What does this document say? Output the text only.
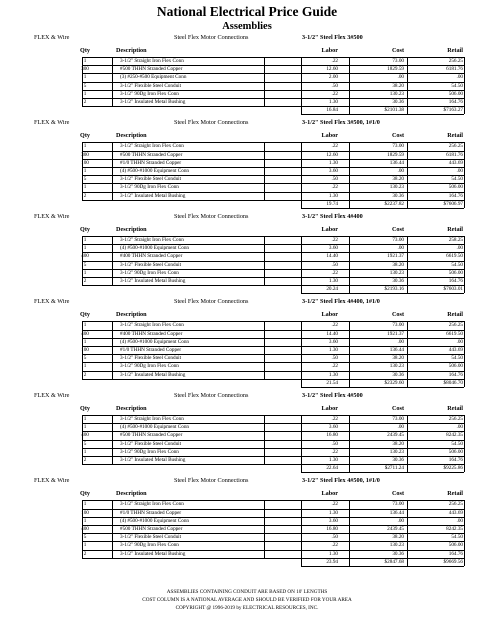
National Electrical Price Guide
Assemblies
FLEX & Wire	Steel Flex Motor Connections	3-1/2" Steel Flex 3#500
Qty	Description	Labor	Cost	Retail
1	3-1/2" Straight Iron Flex Conn	.22	73.00	256.25
300	#500 THHN Stranded Copper	12.60	1829.59	6181.76
1	(3) #250-#500 Equipment Conn	2.00	.00	.00
5	3-1/2" Flexible Steel Conduit	.50	38.20	54.50
1	3-1/2" 90Dg Iron Flex Conn	.22	130.23	506.00
2	3-1/2" Insulated Metal Bushing	1.30	30.36	164.76
16.84	$2101.38	$7163.27
FLEX & Wire	Steel Flex Motor Connections	3-1/2" Steel Flex 3#500, 1#1/0
Qty	Description	Labor	Cost	Retail
1	3-1/2" Straight Iron Flex Conn	.22	73.00	256.25
300	#500 THHN Stranded Copper	12.60	1829.59	6181.76
100	#1/0 THHN Stranded Copper	1.30	136.44	443.69
1	(4) #500-#1000 Equipment Conn	3.60	.00	.00
5	3-1/2" Flexible Steel Conduit	.50	38.20	54.50
1	3-1/2" 90Dg Iron Flex Conn	.22	130.23	506.00
2	3-1/2" Insulated Metal Bushing	1.30	30.36	164.76
19.74	$2237.82	$7606.97
FLEX & Wire	Steel Flex Motor Connections	3-1/2" Steel Flex 4#400
Qty	Description	Labor	Cost	Retail
1	3-1/2" Straight Iron Flex Conn	.22	73.00	258.25
1	(4) #500-#1000 Equipment Conn	3.60	.00	.00
400	#400 THHN Stranded Copper	14.40	1921.37	6619.50
5	3-1/2" Flexible Steel Conduit	.50	38.20	54.50
1	3-1/2" 90Dg Iron Flex Conn	.22	130.23	506.00
2	3-1/2" Insulated Metal Bushing	1.30	30.36	164.76
20.24	$2193.16	$7603.01
FLEX & Wire	Steel Flex Motor Connections	3-1/2" Steel Flex 4#400, 1#1/0
Qty	Description	Labor	Cost	Retail
1	3-1/2" Straight Iron Flex Conn	.22	73.00	256.25
400	#400 THHN Stranded Copper	14.40	1921.37	6619.50
1	(4) #500-#1000 Equipment Conn	3.60	.00	.00
100	#1/0 THHN Stranded Copper	1.30	136.44	443.69
5	3-1/2" Flexible Steel Conduit	.50	38.20	54.50
1	3-1/2" 90Dg Iron Flex Conn	.22	130.23	506.00
2	3-1/2" Insulated Metal Bushing	1.30	30.36	164.76
21.54	$2329.60	$8046.70
FLEX & Wire	Steel Flex Motor Connections	3-1/2" Steel Flex 4#500
Qty	Description	Labor	Cost	Retail
1	3-1/2" Straight Iron Flex Conn	.22	73.00	256.25
1	(4) #500-#1000 Equipment Conn	3.60	.00	.00
400	#500 THHN Stranded Copper	16.80	2439.45	8242.35
5	3-1/2" Flexible Steel Conduit	.50	38.20	54.50
1	3-1/2" 90Dg Iron Flex Conn	.22	130.23	506.00
2	3-1/2" Insulated Metal Bushing	1.30	30.36	164.76
22.64	$2711.24	$9225.86
FLEX & Wire	Steel Flex Motor Connections	3-1/2" Steel Flex 4#500, 1#1/0
Qty	Description	Labor	Cost	Retail
1	3-1/2" Straight Iron Flex Conn	.22	73.00	256.25
100	#1/0 THHN Stranded Copper	1.30	136.44	443.69
1	(4) #500-#1000 Equipment Conn	3.60	.00	.00
400	#500 THHN Stranded Copper	16.80	2439.45	8242.35
5	3-1/2" Flexible Steel Conduit	.50	38.20	54.50
1	3-1/2" 90Dg Iron Flex Conn	.22	130.23	506.00
2	3-1/2" Insulated Metal Bushing	1.30	30.36	164.76
23.94	$2847.68	$9669.56
ASSEMBLIES CONTAINING CONDUIT ARE BASED ON 10' LENGTHS
COST COLUMN IS A NATIONAL AVERAGE AND SHOULD BE VERIFIED FOR YOUR AREA
COPYRIGHT @ 1996-2019 by ELECTRICAL RESOURCES, INC.
